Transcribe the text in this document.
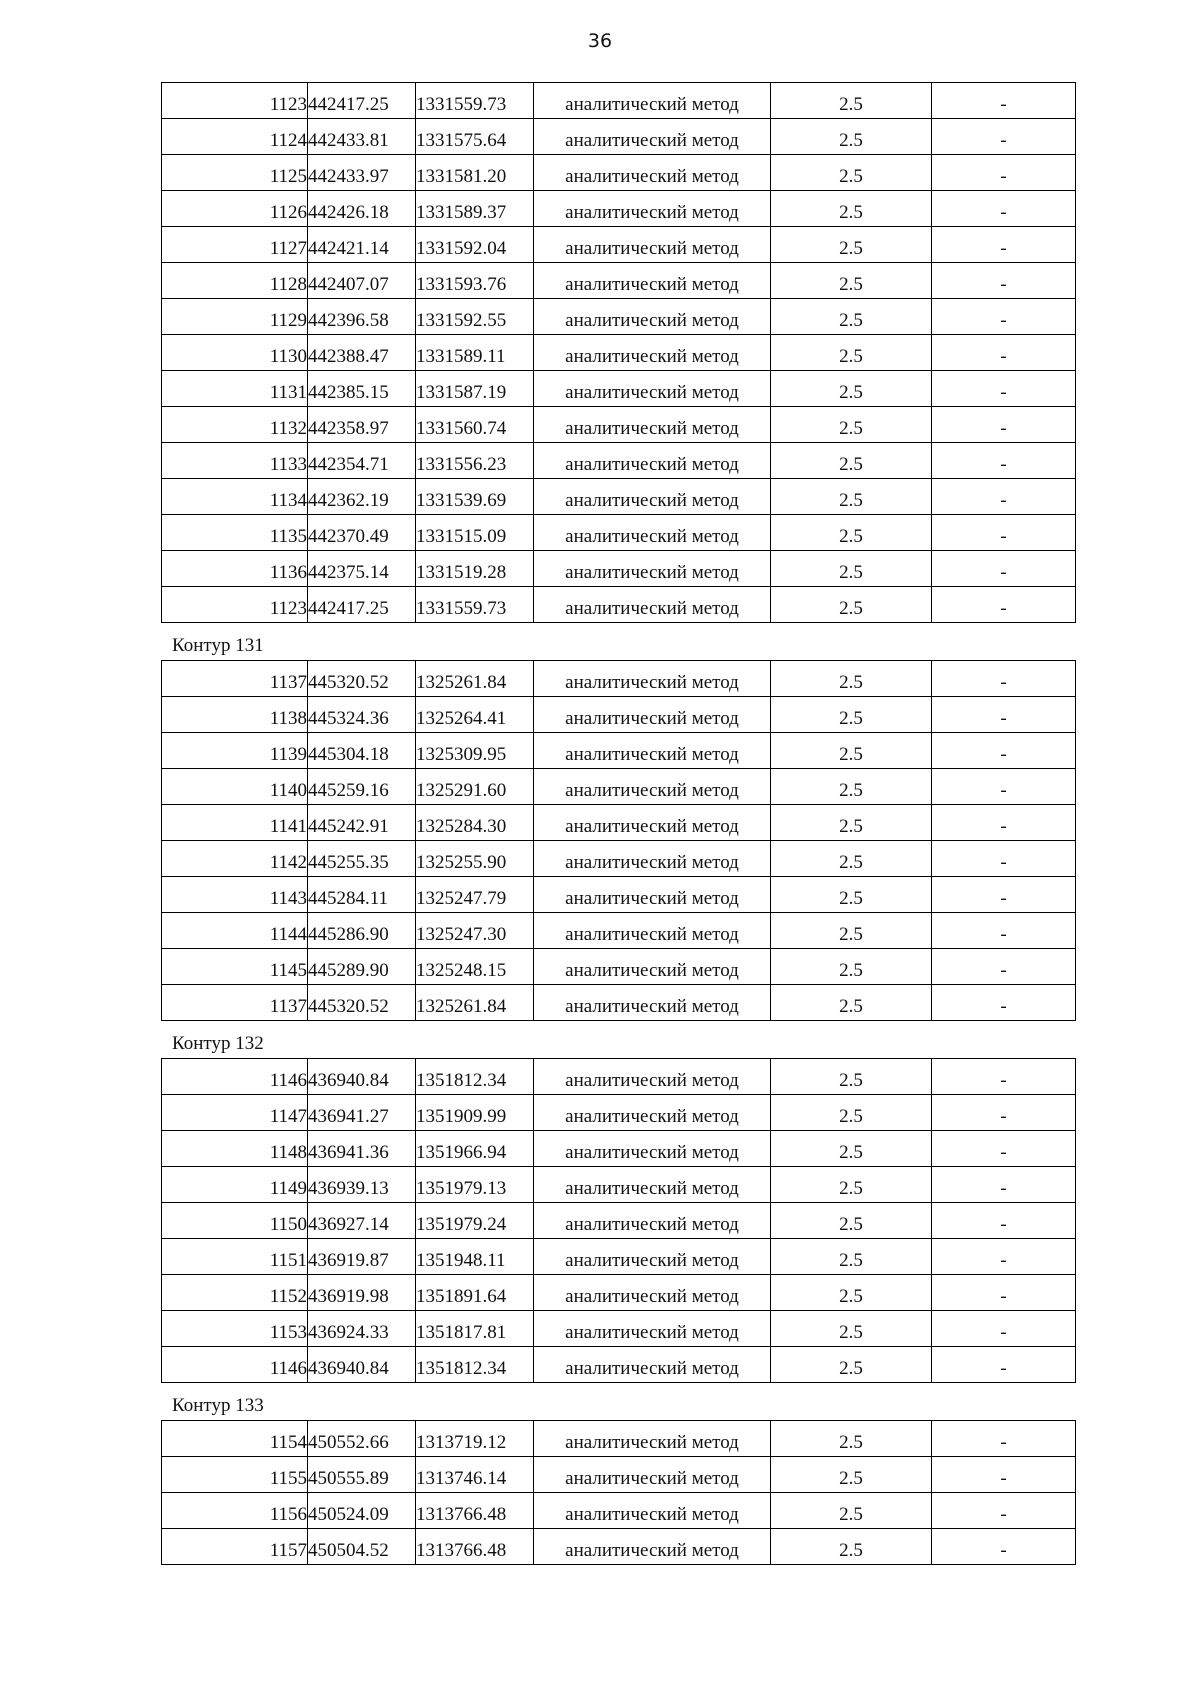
36
1123	442417.25	1331559.73	аналитический метод	2.5	-
1124	442433.81	1331575.64	аналитический метод	2.5	-
1125	442433.97	1331581.20	аналитический метод	2.5	-
1126	442426.18	1331589.37	аналитический метод	2.5	-
1127	442421.14	1331592.04	аналитический метод	2.5	-
1128	442407.07	1331593.76	аналитический метод	2.5	-
1129	442396.58	1331592.55	аналитический метод	2.5	-
1130	442388.47	1331589.11	аналитический метод	2.5	-
1131	442385.15	1331587.19	аналитический метод	2.5	-
1132	442358.97	1331560.74	аналитический метод	2.5	-
1133	442354.71	1331556.23	аналитический метод	2.5	-
1134	442362.19	1331539.69	аналитический метод	2.5	-
1135	442370.49	1331515.09	аналитический метод	2.5	-
1136	442375.14	1331519.28	аналитический метод	2.5	-
1123	442417.25	1331559.73	аналитический метод	2.5	-
Контур 131
1137	445320.52	1325261.84	аналитический метод	2.5	-
1138	445324.36	1325264.41	аналитический метод	2.5	-
1139	445304.18	1325309.95	аналитический метод	2.5	-
1140	445259.16	1325291.60	аналитический метод	2.5	-
1141	445242.91	1325284.30	аналитический метод	2.5	-
1142	445255.35	1325255.90	аналитический метод	2.5	-
1143	445284.11	1325247.79	аналитический метод	2.5	-
1144	445286.90	1325247.30	аналитический метод	2.5	-
1145	445289.90	1325248.15	аналитический метод	2.5	-
1137	445320.52	1325261.84	аналитический метод	2.5	-
Контур 132
1146	436940.84	1351812.34	аналитический метод	2.5	-
1147	436941.27	1351909.99	аналитический метод	2.5	-
1148	436941.36	1351966.94	аналитический метод	2.5	-
1149	436939.13	1351979.13	аналитический метод	2.5	-
1150	436927.14	1351979.24	аналитический метод	2.5	-
1151	436919.87	1351948.11	аналитический метод	2.5	-
1152	436919.98	1351891.64	аналитический метод	2.5	-
1153	436924.33	1351817.81	аналитический метод	2.5	-
1146	436940.84	1351812.34	аналитический метод	2.5	-
Контур 133
1154	450552.66	1313719.12	аналитический метод	2.5	-
1155	450555.89	1313746.14	аналитический метод	2.5	-
1156	450524.09	1313766.48	аналитический метод	2.5	-
1157	450504.52	1313766.48	аналитический метод	2.5	-
